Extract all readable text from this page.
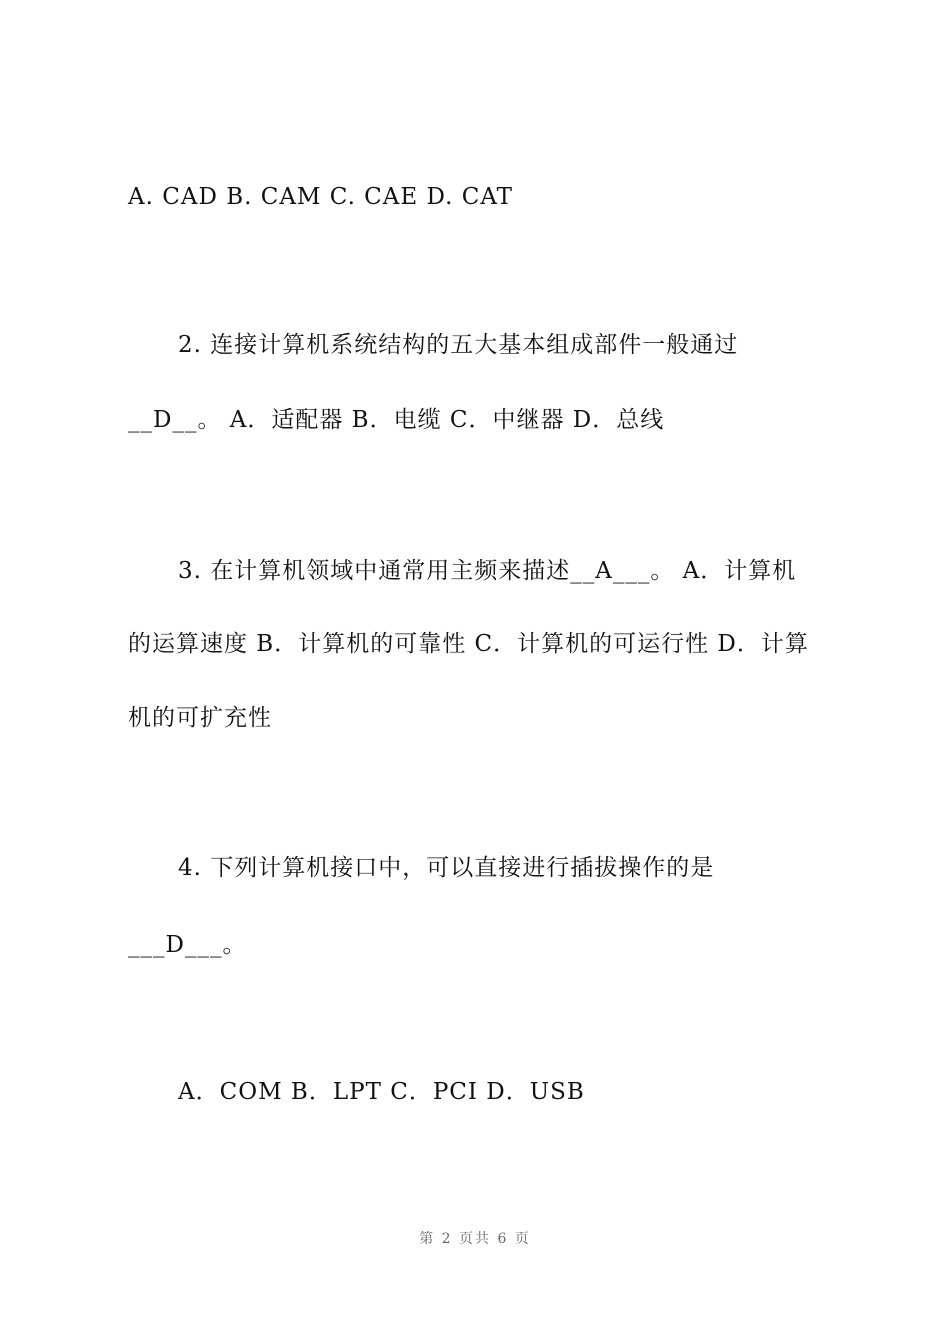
A. CAD B. CAM C. CAE D. CAT
2. 连接计算机系统结构的五大基本组成部件一般通过
__D__。 A．适配器 B．电缆 C．中继器 D．总线
3. 在计算机领域中通常用主频来描述__A___。 A．计算机
的运算速度 B．计算机的可靠性 C．计算机的可运行性 D．计算
机的可扩充性
4. 下列计算机接口中，可以直接进行插拔操作的是
___D___。
A．COM B．LPT C．PCI D．USB
第 2 页共 6 页
